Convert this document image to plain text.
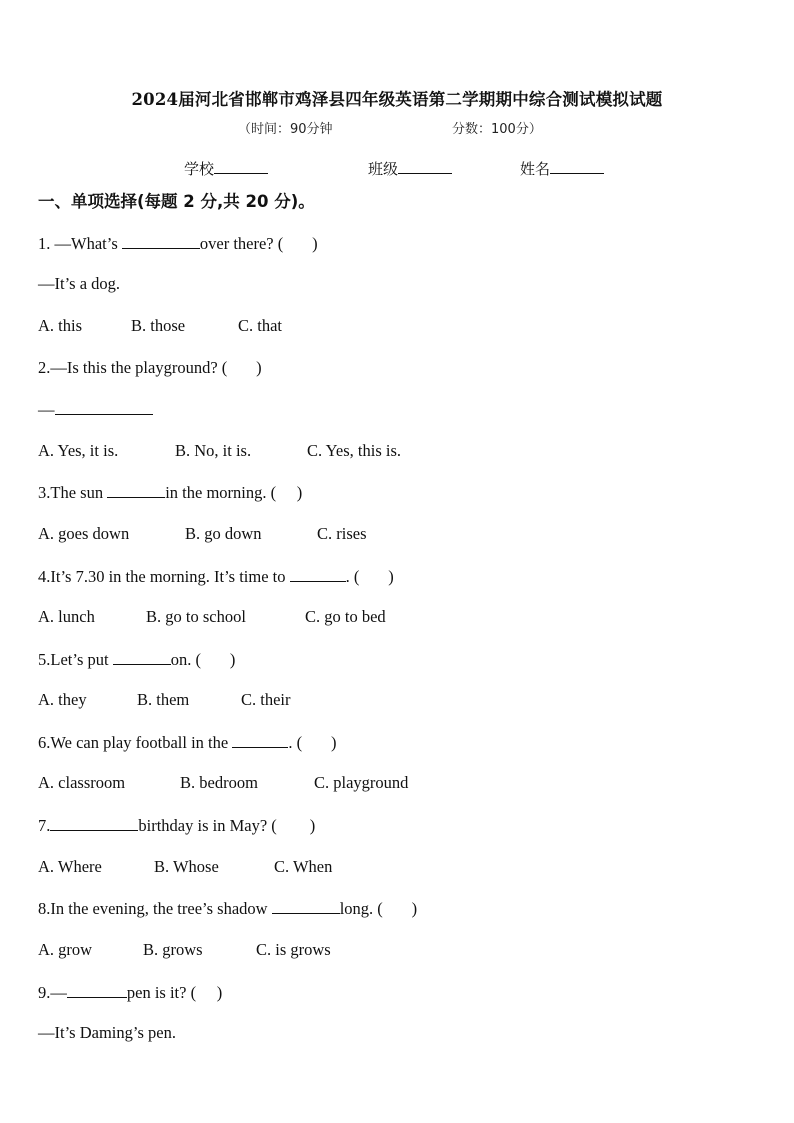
2024届河北省邯郸市鸡泽县四年级英语第二学期期中综合测试模拟试题
（时间：90分钟	分数：100分）
学校	班级	姓名
一、单项选择(每题 2 分,共 20 分)。
1. —What’s	over there? (       )
—It’s a dog.
A. this	B. those	C. that
2.—Is this the playground? (       )
—
A. Yes, it is.	B. No, it is.	C. Yes, this is.
3.The sun	in the morning. (     )
A. goes down	B. go down	C. rises
4.It’s 7.30 in the morning. It’s time to	. (       )
A. lunch	B. go to school	C. go to bed
5.Let’s put	on. (       )
A. they	B. them	C. their
6.We can play football in the	. (       )
A. classroom	B. bedroom	C. playground
7.	birthday is in May? (        )
A. Where	B. Whose	C. When
8.In the evening, the tree’s shadow	long. (       )
A. grow	B. grows	C. is grows
9.—	pen is it? (     )
—It’s Daming’s pen.
